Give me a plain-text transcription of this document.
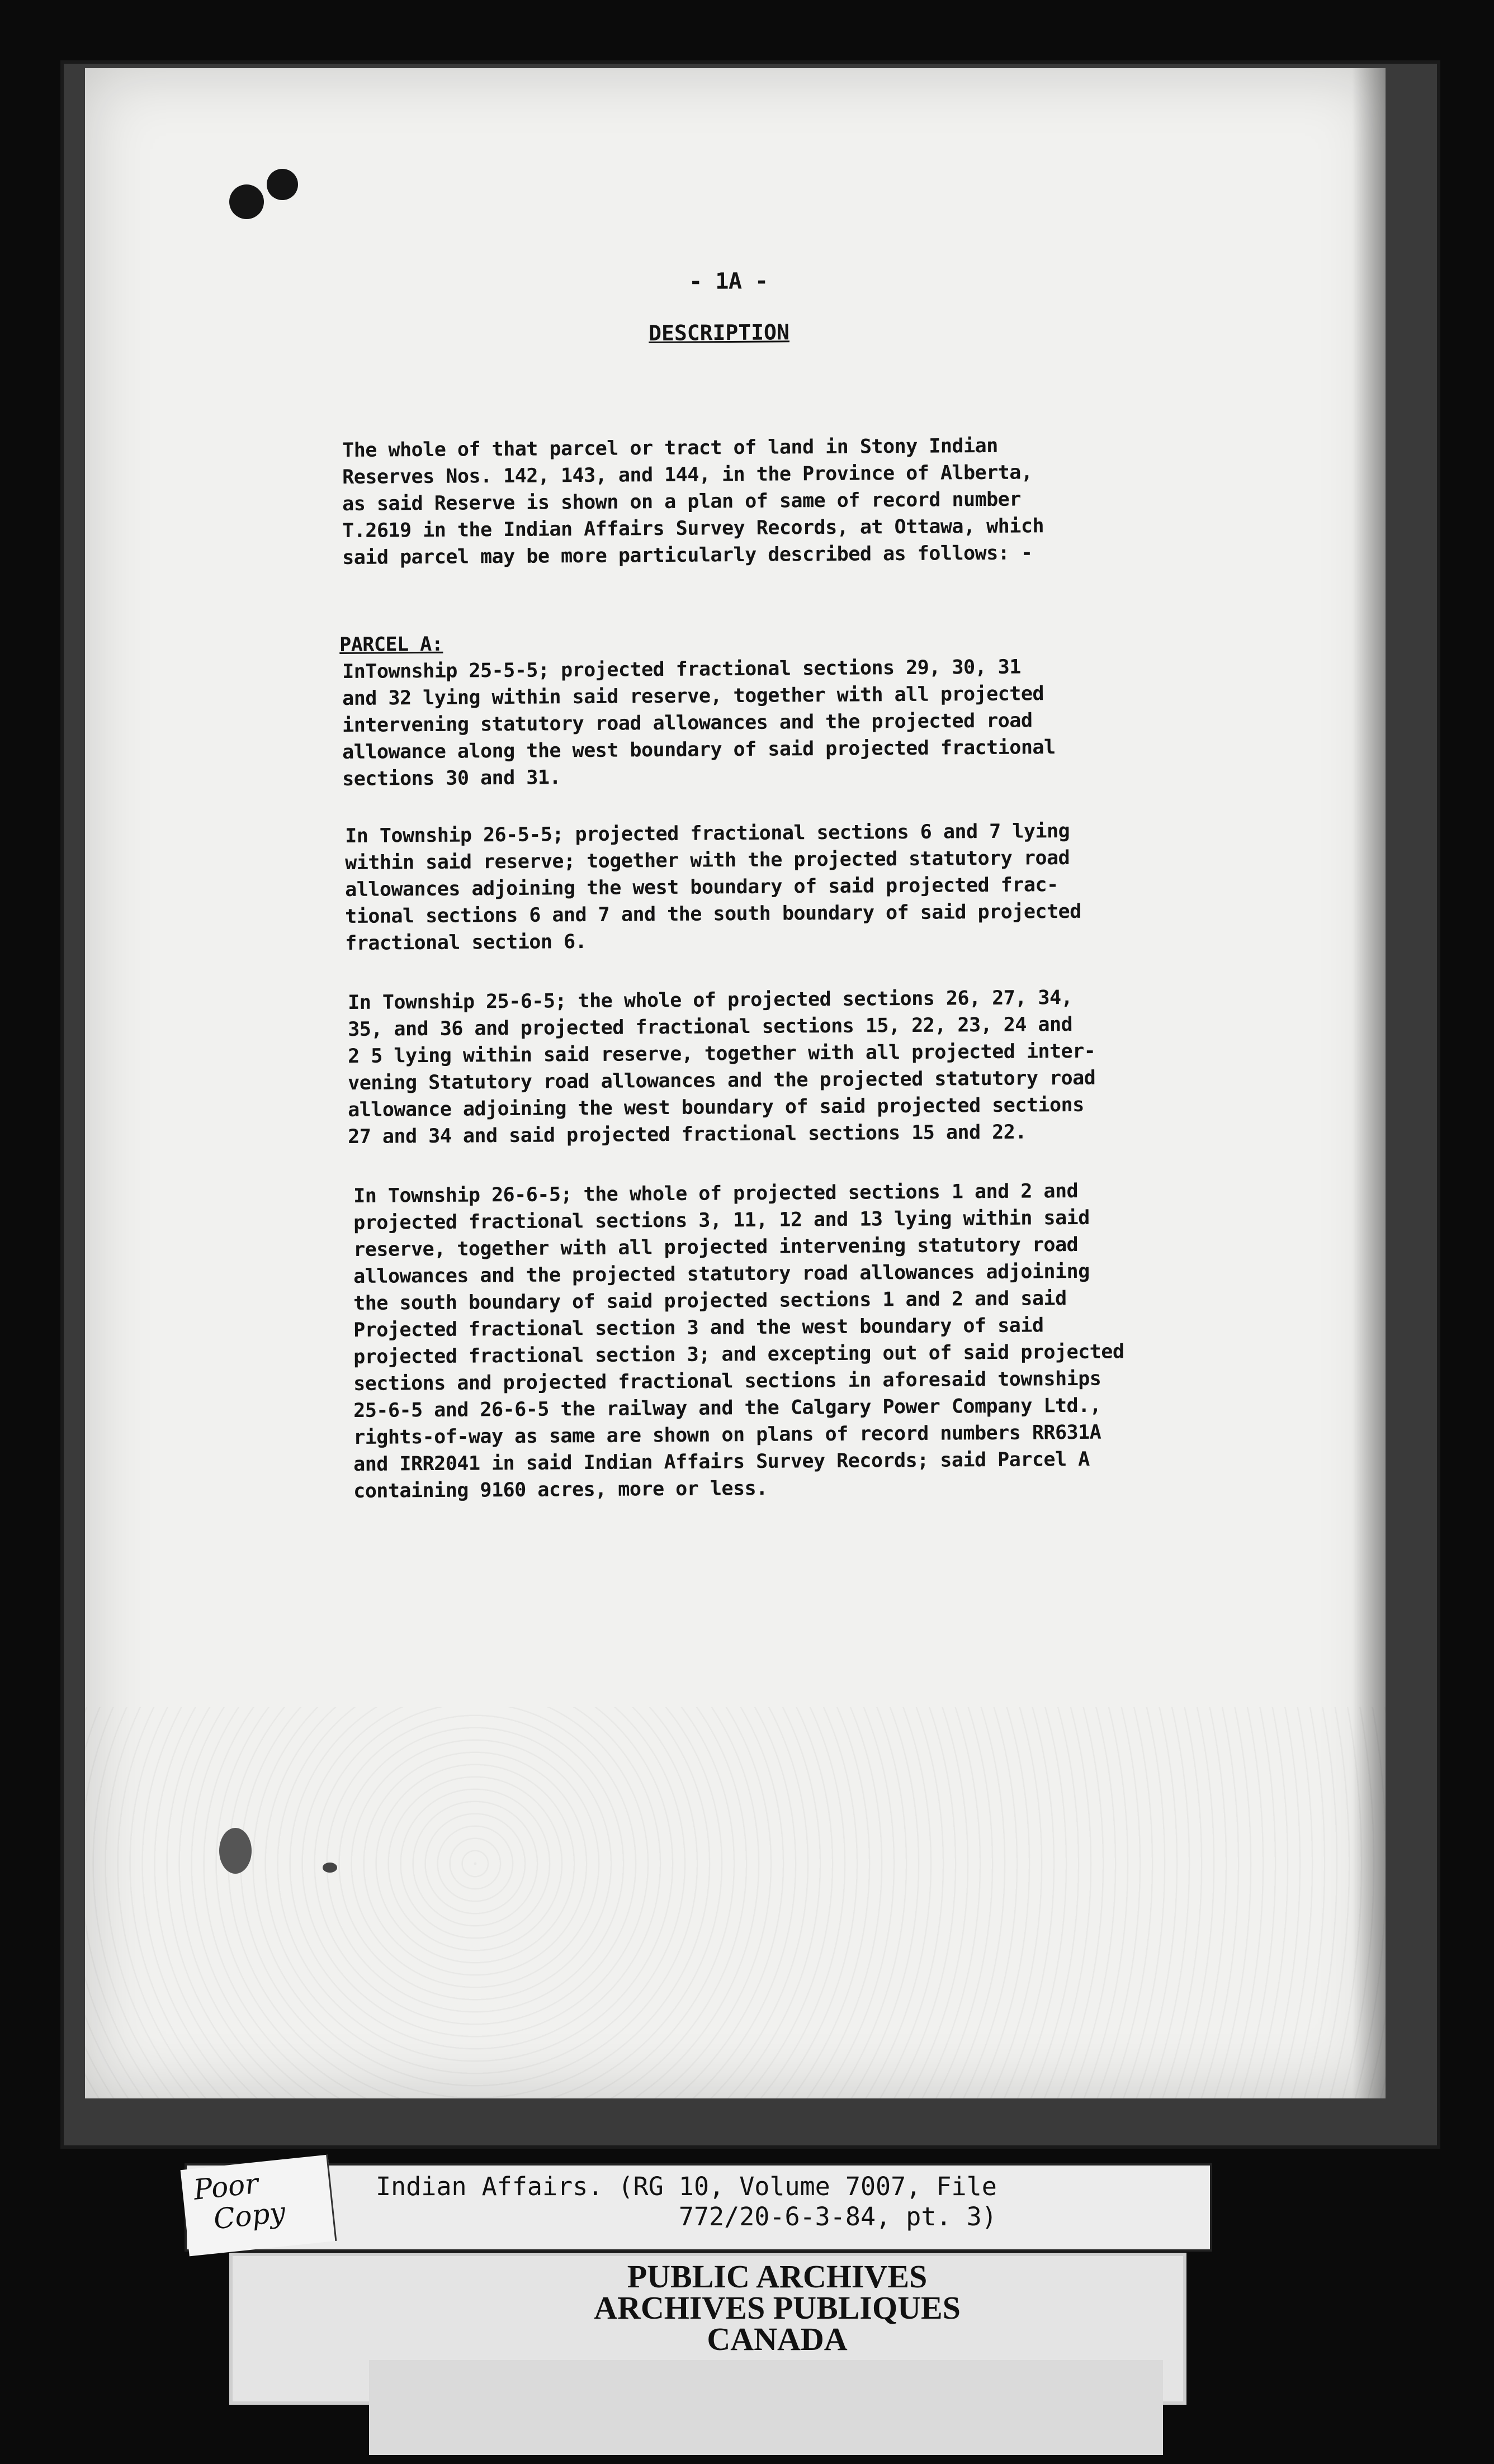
- 1A -
DESCRIPTION
The whole of that parcel or tract of land in Stony Indian
Reserves Nos. 142, 143, and 144, in the Province of Alberta,
as said Reserve is shown on a plan of same of record number
T.2619 in the Indian Affairs Survey Records, at Ottawa, which
said parcel may be more particularly described as follows: -
PARCEL A:
InTownship 25-5-5; projected fractional sections 29, 30, 31
and 32 lying within said reserve, together with all projected
intervening statutory road allowances and the projected road
allowance along the west boundary of said projected fractional
sections 30 and 31.
In Township 26-5-5; projected fractional sections 6 and 7 lying
within said reserve; together with the projected statutory road
allowances adjoining the west boundary of said projected frac-
tional sections 6 and 7 and the south boundary of said projected
fractional section 6.
In Township 25-6-5; the whole of projected sections 26, 27, 34,
35, and 36 and projected fractional sections 15, 22, 23, 24 and
2 5 lying within said reserve, together with all projected inter-
vening Statutory road allowances and the projected statutory road
allowance adjoining the west boundary of said projected sections
27 and 34 and said projected fractional sections 15 and 22.
In Township 26-6-5; the whole of projected sections 1 and 2 and
projected fractional sections 3, 11, 12 and 13 lying within said
reserve, together with all projected intervening statutory road
allowances and the projected statutory road allowances adjoining
the south boundary of said projected sections 1 and 2 and said
Projected fractional section 3 and the west boundary of said
projected fractional section 3; and excepting out of said projected
sections and projected fractional sections in aforesaid townships
25-6-5 and 26-6-5 the railway and the Calgary Power Company Ltd.,
rights-of-way as same are shown on plans of record numbers RR631A
and IRR2041 in said Indian Affairs Survey Records; said Parcel A
containing 9160 acres, more or less.
Indian Affairs. (RG 10, Volume 7007, File
772/20-6-3-84, pt. 3)
Poor
Copy
PUBLIC ARCHIVES
ARCHIVES PUBLIQUES
CANADA
